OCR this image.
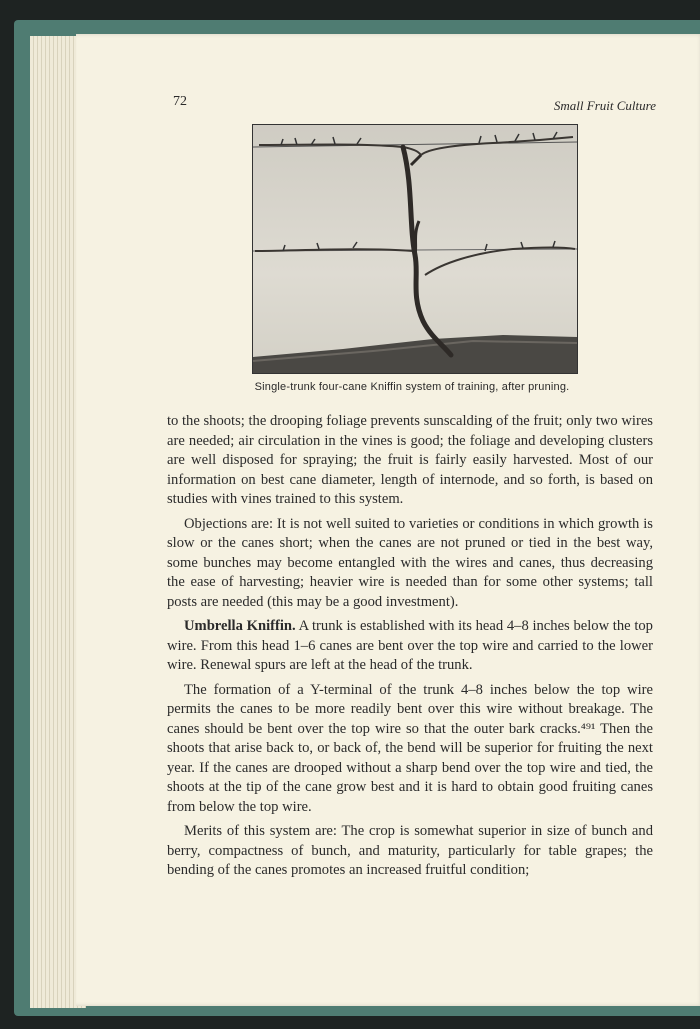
72	Small Fruit Culture
Single-trunk four-cane Kniffin system of training, after pruning.

to the shoots; the drooping foliage prevents sunscalding of the fruit; only two wires are needed; air circulation in the vines is good; the foliage and developing clusters are well disposed for spraying; the fruit is fairly easily harvested. Most of our information on best cane diameter, length of internode, and so forth, is based on studies with vines trained to this system.

Objections are: It is not well suited to varieties or conditions in which growth is slow or the canes short; when the canes are not pruned or tied in the best way, some bunches may become entangled with the wires and canes, thus decreasing the ease of harvesting; heavier wire is needed than for some other systems; tall posts are needed (this may be a good investment).

Umbrella Kniffin. A trunk is established with its head 4–8 inches below the top wire. From this head 1–6 canes are bent over the top wire and carried to the lower wire. Renewal spurs are left at the head of the trunk.

The formation of a Y-terminal of the trunk 4–8 inches below the top wire permits the canes to be more readily bent over this wire without breakage. The canes should be bent over the top wire so that the outer bark cracks.⁴⁹¹ Then the shoots that arise back to, or back of, the bend will be superior for fruiting the next year. If the canes are drooped without a sharp bend over the top wire and tied, the shoots at the tip of the cane grow best and it is hard to obtain good fruiting canes from below the top wire.

Merits of this system are: The crop is somewhat superior in size of bunch and berry, compactness of bunch, and maturity, particularly for table grapes; the bending of the canes promotes an increased fruitful condition;
